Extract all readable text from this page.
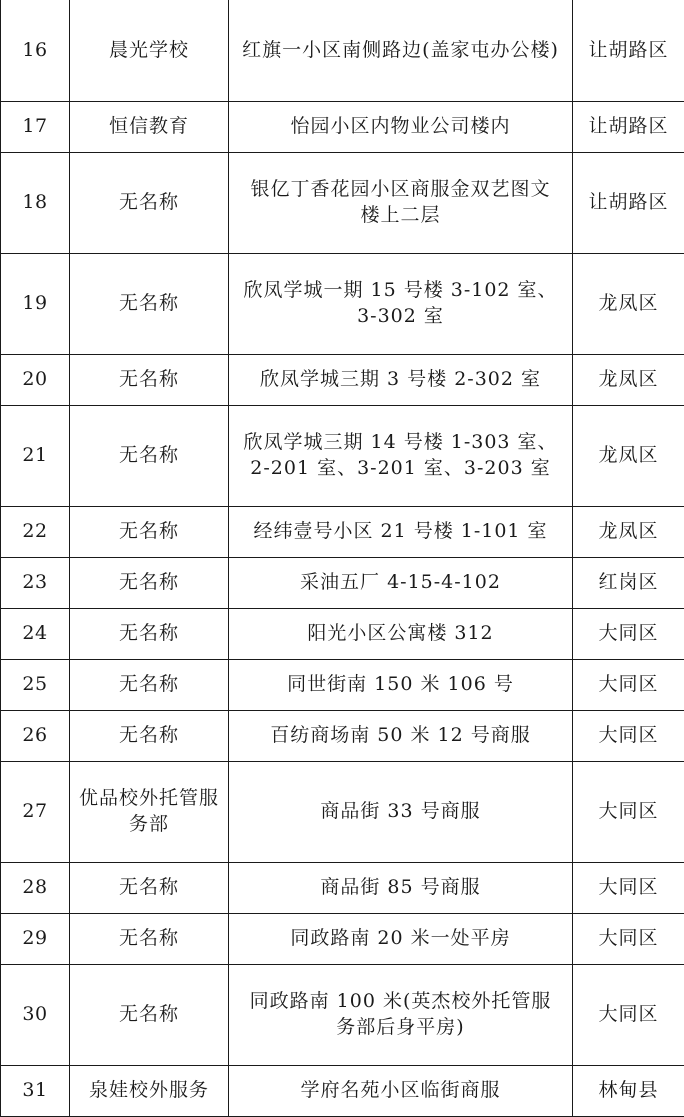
16	晨光学校	红旗一小区南侧路边(盖家屯办公楼)	让胡路区
17	恒信教育	怡园小区内物业公司楼内	让胡路区
18	无名称	银亿丁香花园小区商服金双艺图文楼上二层	让胡路区
19	无名称	欣凤学城一期 15 号楼 3-102 室、3-302 室	龙凤区
20	无名称	欣凤学城三期 3 号楼 2-302 室	龙凤区
21	无名称	欣凤学城三期 14 号楼 1-303 室、2-201 室、3-201 室、3-203 室	龙凤区
22	无名称	经纬壹号小区 21 号楼 1-101 室	龙凤区
23	无名称	采油五厂 4-15-4-102	红岗区
24	无名称	阳光小区公寓楼 312	大同区
25	无名称	同世街南 150 米 106 号	大同区
26	无名称	百纺商场南 50 米 12 号商服	大同区
27	优品校外托管服务部	商品街 33 号商服	大同区
28	无名称	商品街 85 号商服	大同区
29	无名称	同政路南 20 米一处平房	大同区
30	无名称	同政路南 100 米(英杰校外托管服务部后身平房)	大同区
31	泉娃校外服务	学府名苑小区临街商服	林甸县
